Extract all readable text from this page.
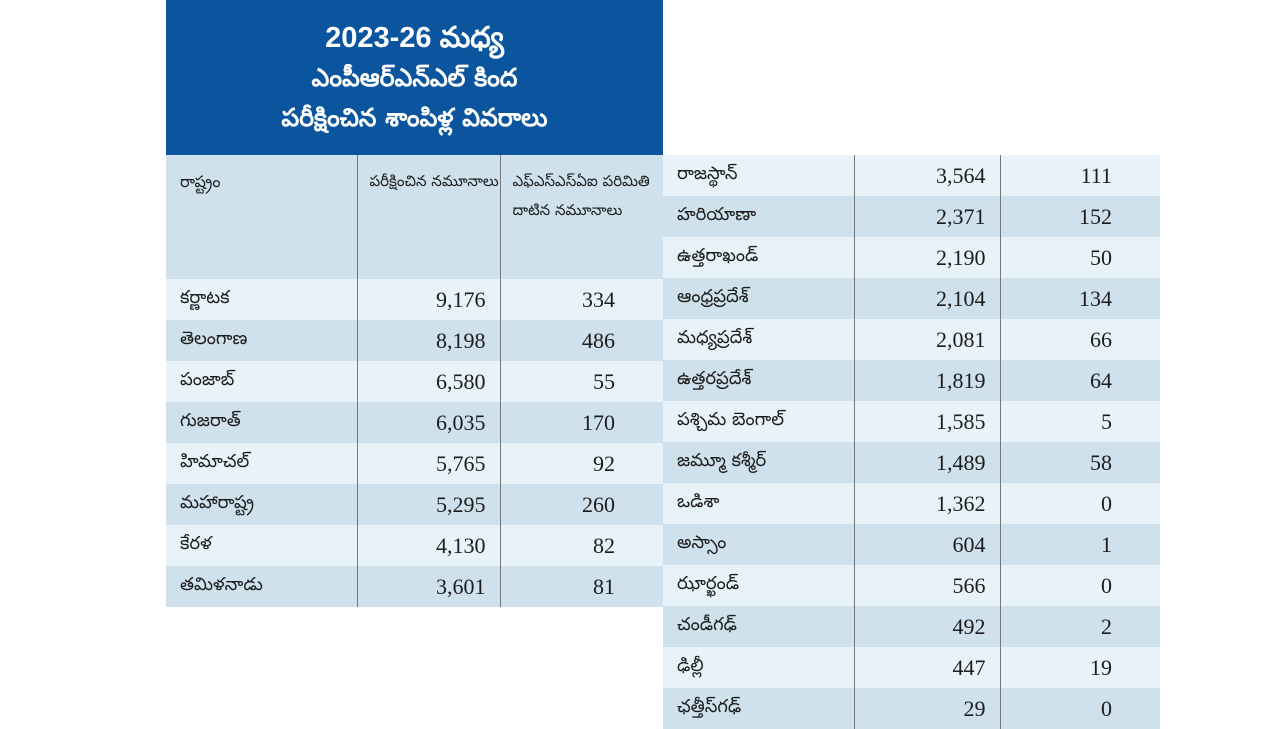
2023-26 మధ్య
ఎంపీఆర్ఎన్ఎల్ కింద
పరీక్షించిన శాంపిళ్ల వివరాలు
రాష్ట్రం	పరీక్షించిన నమూనాలు	ఎఫ్ఎస్ఎస్ఏఐ పరిమితి దాటిన నమూనాలు
కర్ణాటక	9,176	334
తెలంగాణ	8,198	486
పంజాబ్	6,580	55
గుజరాత్	6,035	170
హిమాచల్	5,765	92
మహారాష్ట్ర	5,295	260
కేరళ	4,130	82
తమిళనాడు	3,601	81
రాజస్థాన్	3,564	111
హరియాణా	2,371	152
ఉత్తరాఖండ్	2,190	50
ఆంధ్రప్రదేశ్	2,104	134
మధ్యప్రదేశ్	2,081	66
ఉత్తరప్రదేశ్	1,819	64
పశ్చిమ బెంగాల్	1,585	5
జమ్మూ కశ్మీర్	1,489	58
ఒడిశా	1,362	0
అస్సాం	604	1
ఝార్ఖండ్	566	0
చండీగఢ్	492	2
ఢిల్లీ	447	19
ఛత్తీస్‌గఢ్	29	0
